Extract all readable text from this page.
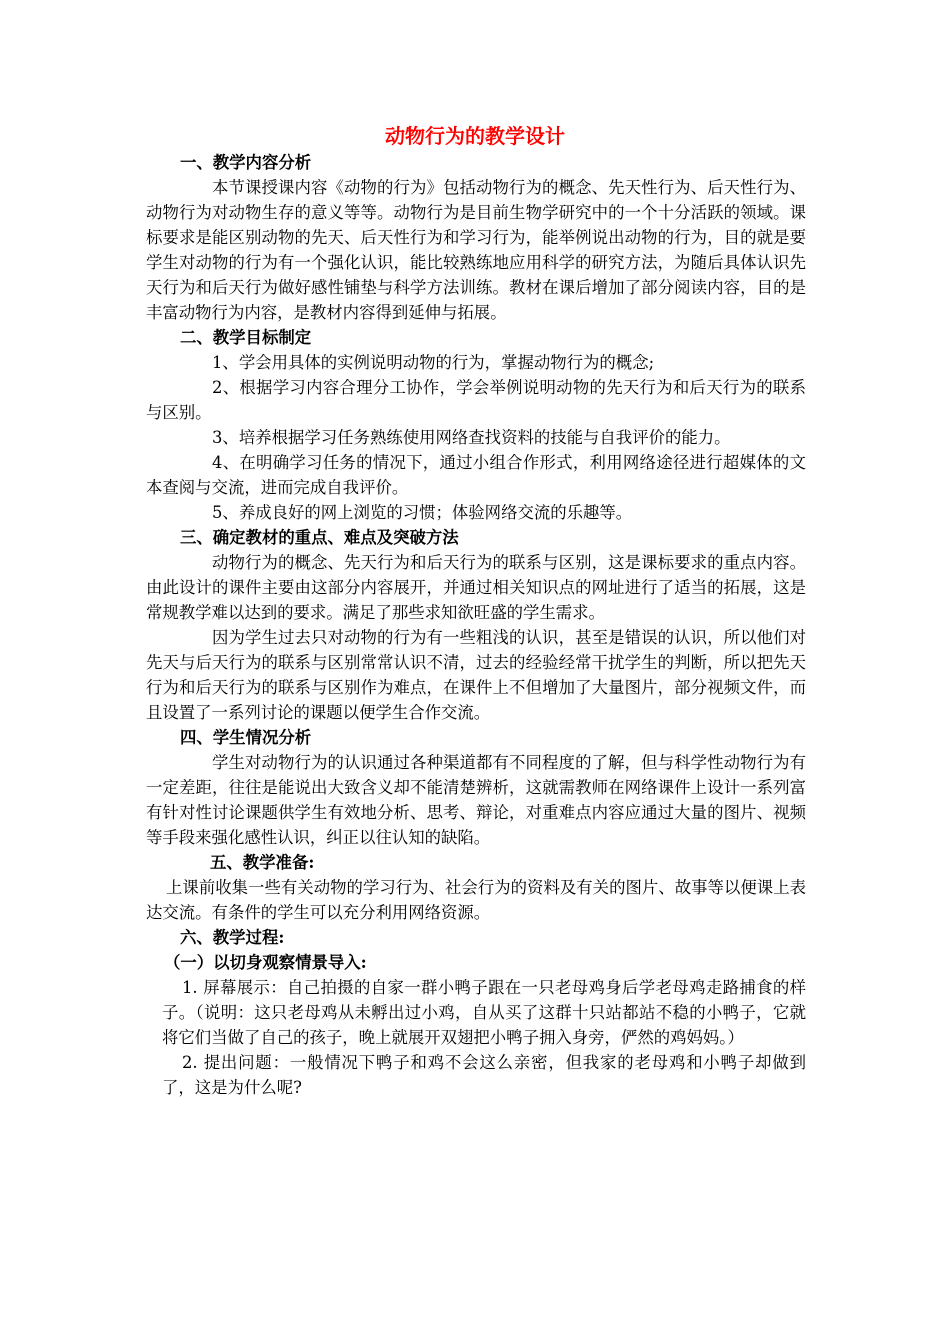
动物行为的教学设计

一、教学内容分析

本节课授课内容《动物的行为》包括动物行为的概念、先天性行为、后天性行为、动物行为对动物生存的意义等等。动物行为是目前生物学研究中的一个十分活跃的领域。课标要求是能区别动物的先天、后天性行为和学习行为，能举例说出动物的行为，目的就是要学生对动物的行为有一个强化认识，能比较熟练地应用科学的研究方法，为随后具体认识先天行为和后天行为做好感性铺垫与科学方法训练。教材在课后增加了部分阅读内容，目的是丰富动物行为内容，是教材内容得到延伸与拓展。

二、教学目标制定

1、学会用具体的实例说明动物的行为，掌握动物行为的概念;

2、根据学习内容合理分工协作，学会举例说明动物的先天行为和后天行为的联系与区别。

3、培养根据学习任务熟练使用网络查找资料的技能与自我评价的能力。

4、在明确学习任务的情况下，通过小组合作形式，利用网络途径进行超媒体的文本查阅与交流，进而完成自我评价。

5、养成良好的网上浏览的习惯；体验网络交流的乐趣等。

三、确定教材的重点、难点及突破方法

动物行为的概念、先天行为和后天行为的联系与区别，这是课标要求的重点内容。由此设计的课件主要由这部分内容展开，并通过相关知识点的网址进行了适当的拓展，这是常规教学难以达到的要求。满足了那些求知欲旺盛的学生需求。

因为学生过去只对动物的行为有一些粗浅的认识，甚至是错误的认识，所以他们对先天与后天行为的联系与区别常常认识不清，过去的经验经常干扰学生的判断，所以把先天行为和后天行为的联系与区别作为难点，在课件上不但增加了大量图片，部分视频文件，而且设置了一系列讨论的课题以便学生合作交流。

四、学生情况分析

学生对动物行为的认识通过各种渠道都有不同程度的了解，但与科学性动物行为有一定差距，往往是能说出大致含义却不能清楚辨析，这就需教师在网络课件上设计一系列富有针对性讨论课题供学生有效地分析、思考、辩论，对重难点内容应通过大量的图片、视频等手段来强化感性认识，纠正以往认知的缺陷。

五、教学准备:

上课前收集一些有关动物的学习行为、社会行为的资料及有关的图片、故事等以便课上表达交流。有条件的学生可以充分利用网络资源。

六、教学过程:

（一）以切身观察情景导入:

1. 屏幕展示：自己拍摄的自家一群小鸭子跟在一只老母鸡身后学老母鸡走路捕食的样子。（说明：这只老母鸡从未孵出过小鸡，自从买了这群十只站都站不稳的小鸭子，它就将它们当做了自己的孩子，晚上就展开双翅把小鸭子拥入身旁，俨然的鸡妈妈。）

2. 提出问题：一般情况下鸭子和鸡不会这么亲密，但我家的老母鸡和小鸭子却做到了，这是为什么呢?
